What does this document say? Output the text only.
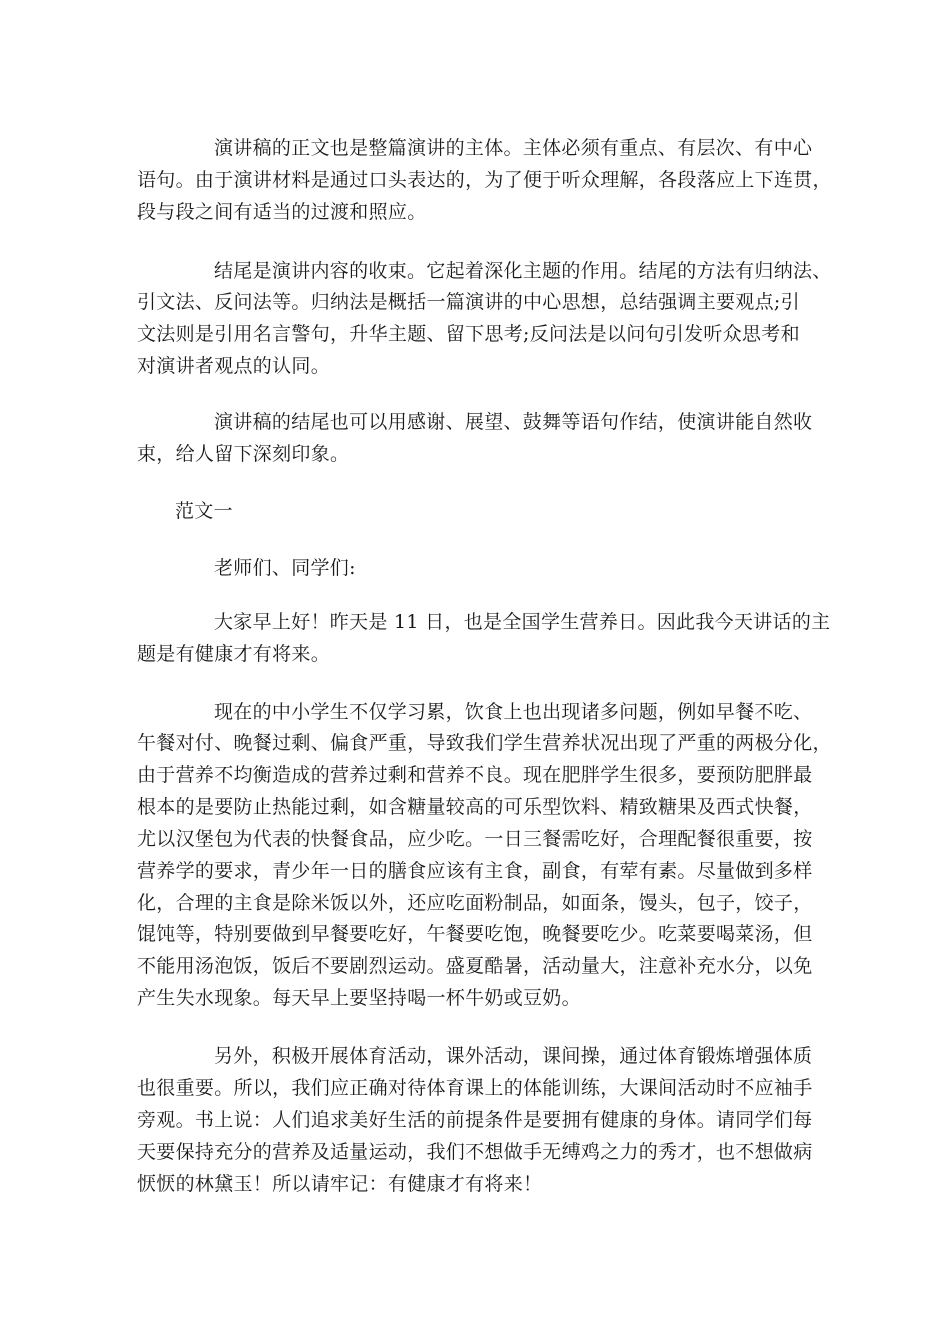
演讲稿的正文也是整篇演讲的主体。主体必须有重点、有层次、有中心
语句。由于演讲材料是通过口头表达的，为了便于听众理解，各段落应上下连贯，
段与段之间有适当的过渡和照应。
结尾是演讲内容的收束。它起着深化主题的作用。结尾的方法有归纳法、
引文法、反问法等。归纳法是概括一篇演讲的中心思想，总结强调主要观点;引
文法则是引用名言警句，升华主题、留下思考;反问法是以问句引发听众思考和
对演讲者观点的认同。
演讲稿的结尾也可以用感谢、展望、鼓舞等语句作结，使演讲能自然收
束，给人留下深刻印象。
范文一
老师们、同学们:
大家早上好！昨天是 11 日，也是全国学生营养日。因此我今天讲话的主
题是有健康才有将来。
现在的中小学生不仅学习累，饮食上也出现诸多问题，例如早餐不吃、
午餐对付、晚餐过剩、偏食严重，导致我们学生营养状况出现了严重的两极分化，
由于营养不均衡造成的营养过剩和营养不良。现在肥胖学生很多，要预防肥胖最
根本的是要防止热能过剩，如含糖量较高的可乐型饮料、精致糖果及西式快餐，
尤以汉堡包为代表的快餐食品，应少吃。一日三餐需吃好，合理配餐很重要，按
营养学的要求，青少年一日的膳食应该有主食，副食，有荤有素。尽量做到多样
化，合理的主食是除米饭以外，还应吃面粉制品，如面条，馒头，包子，饺子，
馄饨等，特别要做到早餐要吃好，午餐要吃饱，晚餐要吃少。吃菜要喝菜汤，但
不能用汤泡饭，饭后不要剧烈运动。盛夏酷暑，活动量大，注意补充水分，以免
产生失水现象。每天早上要坚持喝一杯牛奶或豆奶。
另外，积极开展体育活动，课外活动，课间操，通过体育锻炼增强体质
也很重要。所以，我们应正确对待体育课上的体能训练，大课间活动时不应袖手
旁观。书上说：人们追求美好生活的前提条件是要拥有健康的身体。请同学们每
天要保持充分的营养及适量运动，我们不想做手无缚鸡之力的秀才，也不想做病
恹恹的林黛玉！所以请牢记：有健康才有将来！
